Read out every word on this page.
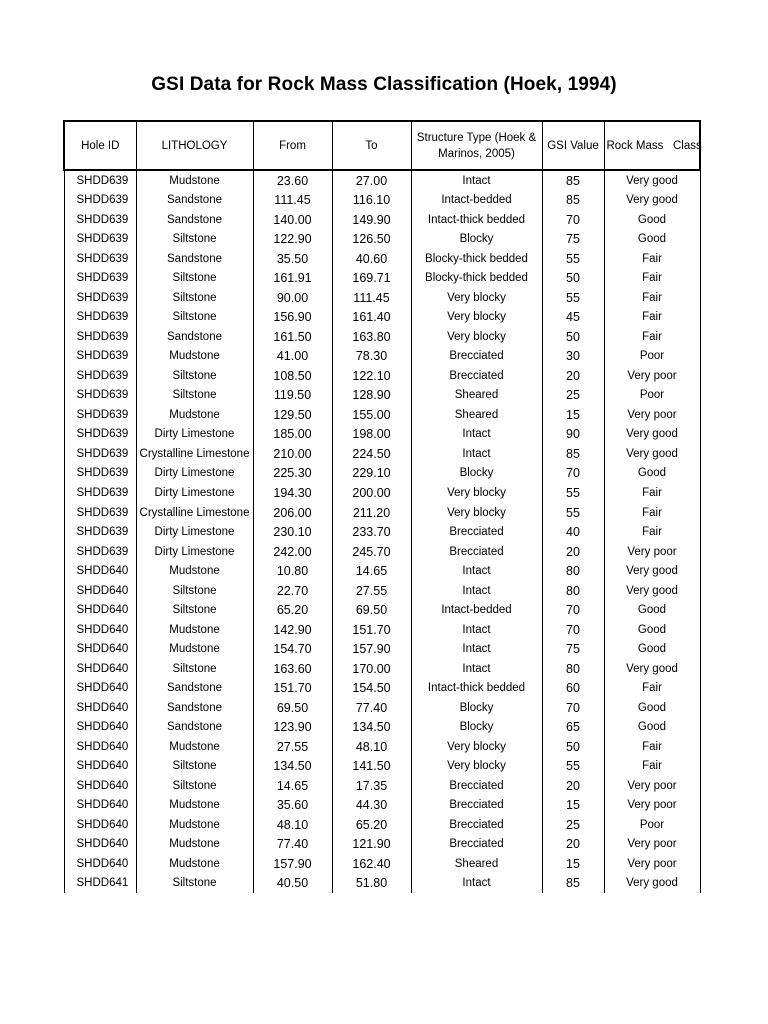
GSI Data for Rock Mass Classification (Hoek, 1994)
Hole ID	LITHOLOGY	From	To	Structure Type (Hoek & Marinos, 2005)	GSI Value	Rock Mass   Class
SHDD639	Mudstone	23.60	27.00	Intact	85	Very good
SHDD639	Sandstone	111.45	116.10	Intact-bedded	85	Very good
SHDD639	Sandstone	140.00	149.90	Intact-thick bedded	70	Good
SHDD639	Siltstone	122.90	126.50	Blocky	75	Good
SHDD639	Sandstone	35.50	40.60	Blocky-thick bedded	55	Fair
SHDD639	Siltstone	161.91	169.71	Blocky-thick bedded	50	Fair
SHDD639	Siltstone	90.00	111.45	Very blocky	55	Fair
SHDD639	Siltstone	156.90	161.40	Very blocky	45	Fair
SHDD639	Sandstone	161.50	163.80	Very blocky	50	Fair
SHDD639	Mudstone	41.00	78.30	Brecciated	30	Poor
SHDD639	Siltstone	108.50	122.10	Brecciated	20	Very poor
SHDD639	Siltstone	119.50	128.90	Sheared	25	Poor
SHDD639	Mudstone	129.50	155.00	Sheared	15	Very poor
SHDD639	Dirty Limestone	185.00	198.00	Intact	90	Very good
SHDD639	Crystalline Limestone	210.00	224.50	Intact	85	Very good
SHDD639	Dirty Limestone	225.30	229.10	Blocky	70	Good
SHDD639	Dirty Limestone	194.30	200.00	Very blocky	55	Fair
SHDD639	Crystalline Limestone	206.00	211.20	Very blocky	55	Fair
SHDD639	Dirty Limestone	230.10	233.70	Brecciated	40	Fair
SHDD639	Dirty Limestone	242.00	245.70	Brecciated	20	Very poor
SHDD640	Mudstone	10.80	14.65	Intact	80	Very good
SHDD640	Siltstone	22.70	27.55	Intact	80	Very good
SHDD640	Siltstone	65.20	69.50	Intact-bedded	70	Good
SHDD640	Mudstone	142.90	151.70	Intact	70	Good
SHDD640	Mudstone	154.70	157.90	Intact	75	Good
SHDD640	Siltstone	163.60	170.00	Intact	80	Very good
SHDD640	Sandstone	151.70	154.50	Intact-thick bedded	60	Fair
SHDD640	Sandstone	69.50	77.40	Blocky	70	Good
SHDD640	Sandstone	123.90	134.50	Blocky	65	Good
SHDD640	Mudstone	27.55	48.10	Very blocky	50	Fair
SHDD640	Siltstone	134.50	141.50	Very blocky	55	Fair
SHDD640	Siltstone	14.65	17.35	Brecciated	20	Very poor
SHDD640	Mudstone	35.60	44.30	Brecciated	15	Very poor
SHDD640	Mudstone	48.10	65.20	Brecciated	25	Poor
SHDD640	Mudstone	77.40	121.90	Brecciated	20	Very poor
SHDD640	Mudstone	157.90	162.40	Sheared	15	Very poor
SHDD641	Siltstone	40.50	51.80	Intact	85	Very good
